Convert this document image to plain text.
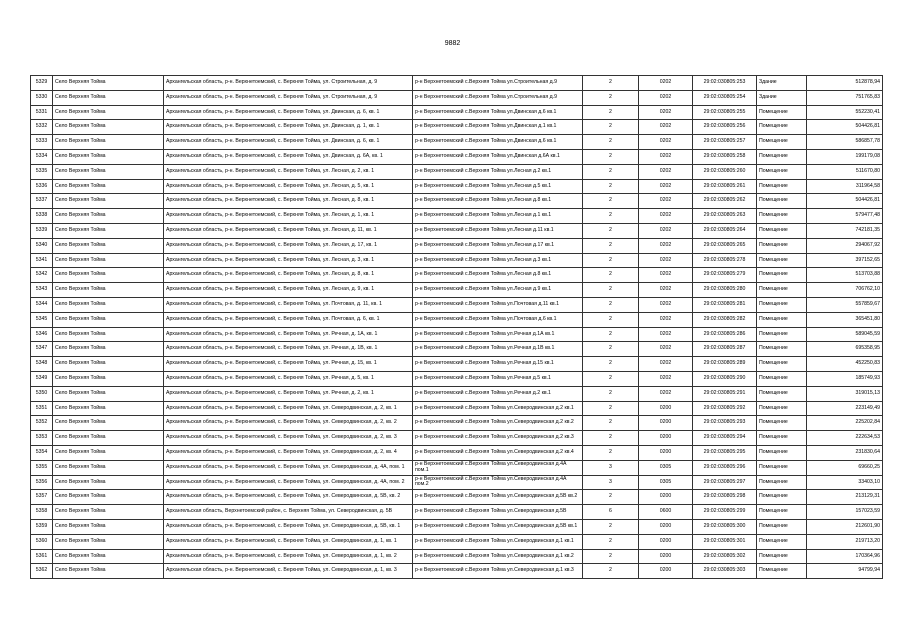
9882
5329	Село Верхняя Тойма	Архангельская область, р-н. Верхнетоемский, с. Верхняя Тойма, ул. Строительная, д. 9	р-н Верхнетоемский с.Верхняя Тойма ул.Строительная д.9	2	0202	29:02:030805:253	Здание	512878,94
5330	Село Верхняя Тойма	Архангельская область, р-н. Верхнетоемский, с. Верхняя Тойма, ул. Строительная, д. 9	р-н Верхнетоемский с.Верхняя Тойма ул.Строительная д.9	2	0202	29:02:030805:254	Здание	751765,83
5331	Село Верхняя Тойма	Архангельская область, р-н. Верхнетоемский, с. Верхняя Тойма, ул. Двинская, д. 6, кв. 1	р-н Верхнетоемский с.Верхняя Тойма ул.Двинская д.6 кв.1	2	0202	29:02:030805:255	Помещение	552230,41
5332	Село Верхняя Тойма	Архангельская область, р-н. Верхнетоемский, с. Верхняя Тойма, ул. Двинская, д. 1, кв. 1	р-н Верхнетоемский с.Верхняя Тойма ул.Двинская д.1 кв.1	2	0202	29:02:030805:256	Помещение	504426,81
5333	Село Верхняя Тойма	Архангельская область, р-н. Верхнетоемский, с. Верхняя Тойма, ул. Двинская, д. 6, кв. 1	р-н Верхнетоемский с.Верхняя Тойма ул.Двинская д.6 кв.1	2	0202	29:02:030805:257	Помещение	586857,78
5334	Село Верхняя Тойма	Архангельская область, р-н. Верхнетоемский, с. Верхняя Тойма, ул. Двинская, д. 6А, кв. 1	р-н Верхнетоемский с.Верхняя Тойма ул.Двинская д.6А кв.1	2	0202	29:02:030805:258	Помещение	199179,08
5335	Село Верхняя Тойма	Архангельская область, р-н. Верхнетоемский, с. Верхняя Тойма, ул. Лесная, д. 2, кв. 1	р-н Верхнетоемский с.Верхняя Тойма ул.Лесная д.2 кв.1	2	0202	29:02:030805:260	Помещение	511670,80
5336	Село Верхняя Тойма	Архангельская область, р-н. Верхнетоемский, с. Верхняя Тойма, ул. Лесная, д. 5, кв. 1	р-н Верхнетоемский с.Верхняя Тойма ул.Лесная д.5 кв.1	2	0202	29:02:030805:261	Помещение	311964,58
5337	Село Верхняя Тойма	Архангельская область, р-н. Верхнетоемский, с. Верхняя Тойма, ул. Лесная, д. 8, кв. 1	р-н Верхнетоемский с.Верхняя Тойма ул.Лесная д.8 кв.1	2	0202	29:02:030805:262	Помещение	504426,81
5338	Село Верхняя Тойма	Архангельская область, р-н. Верхнетоемский, с. Верхняя Тойма, ул. Лесная, д. 1, кв. 1	р-н Верхнетоемский с.Верхняя Тойма ул.Лесная д.1 кв.1	2	0202	29:02:030805:263	Помещение	579477,48
5339	Село Верхняя Тойма	Архангельская область, р-н. Верхнетоемский, с. Верхняя Тойма, ул. Лесная, д. 11, кв. 1	р-н Верхнетоемский с.Верхняя Тойма ул.Лесная д.11 кв.1	2	0202	29:02:030805:264	Помещение	742181,35
5340	Село Верхняя Тойма	Архангельская область, р-н. Верхнетоемский, с. Верхняя Тойма, ул. Лесная, д. 17, кв. 1	р-н Верхнетоемский с.Верхняя Тойма ул.Лесная д.17 кв.1	2	0202	29:02:030805:265	Помещение	294067,92
5341	Село Верхняя Тойма	Архангельская область, р-н. Верхнетоемский, с. Верхняя Тойма, ул. Лесная, д. 3, кв. 1	р-н Верхнетоемский с.Верхняя Тойма ул.Лесная д.3 кв.1	2	0202	29:02:030805:278	Помещение	397152,65
5342	Село Верхняя Тойма	Архангельская область, р-н. Верхнетоемский, с. Верхняя Тойма, ул. Лесная, д. 8, кв. 1	р-н Верхнетоемский с.Верхняя Тойма ул.Лесная д.8 кв.1	2	0202	29:02:030805:279	Помещение	513703,88
5343	Село Верхняя Тойма	Архангельская область, р-н. Верхнетоемский, с. Верхняя Тойма, ул. Лесная, д. 9, кв. 1	р-н Верхнетоемский с.Верхняя Тойма ул.Лесная д.9 кв.1	2	0202	29:02:030805:280	Помещение	706762,10
5344	Село Верхняя Тойма	Архангельская область, р-н. Верхнетоемский, с. Верхняя Тойма, ул. Почтовая, д. 11, кв. 1	р-н Верхнетоемский с.Верхняя Тойма ул.Почтовая д.11 кв.1	2	0202	29:02:030805:281	Помещение	557859,67
5345	Село Верхняя Тойма	Архангельская область, р-н. Верхнетоемский, с. Верхняя Тойма, ул. Почтовая, д. 6, кв. 1	р-н Верхнетоемский с.Верхняя Тойма ул.Почтовая д.6 кв.1	2	0202	29:02:030805:282	Помещение	365451,80
5346	Село Верхняя Тойма	Архангельская область, р-н. Верхнетоемский, с. Верхняя Тойма, ул. Речная, д. 1А, кв. 1	р-н Верхнетоемский с.Верхняя Тойма ул.Речная д.1А кв.1	2	0202	29:02:030805:286	Помещение	589045,59
5347	Село Верхняя Тойма	Архангельская область, р-н. Верхнетоемский, с. Верхняя Тойма, ул. Речная, д. 1В, кв. 1	р-н Верхнетоемский с.Верхняя Тойма ул.Речная д.1В кв.1	2	0202	29:02:030805:287	Помещение	695358,95
5348	Село Верхняя Тойма	Архангельская область, р-н. Верхнетоемский, с. Верхняя Тойма, ул. Речная, д. 15, кв. 1	р-н Верхнетоемский с.Верхняя Тойма ул.Речная д.15 кв.1	2	0202	29:02:030805:289	Помещение	452250,83
5349	Село Верхняя Тойма	Архангельская область, р-н. Верхнетоемский, с. Верхняя Тойма, ул. Речная, д. 5, кв. 1	р-н Верхнетоемский с.Верхняя Тойма ул.Речная д.5 кв.1	2	0202	29:02:030805:290	Помещение	185749,93
5350	Село Верхняя Тойма	Архангельская область, р-н. Верхнетоемский, с. Верхняя Тойма, ул. Речная, д. 2, кв. 1	р-н Верхнетоемский с.Верхняя Тойма ул.Речная д.2 кв.1	2	0202	29:02:030805:291	Помещение	319015,13
5351	Село Верхняя Тойма	Архангельская область, р-н. Верхнетоемский, с. Верхняя Тойма, ул. Северодвинская, д. 2, кв. 1	р-н Верхнетоемский с.Верхняя Тойма ул.Северодвинская д.2 кв.1	2	0200	29:02:030805:292	Помещение	223149,49
5352	Село Верхняя Тойма	Архангельская область, р-н. Верхнетоемский, с. Верхняя Тойма, ул. Северодвинская, д. 2, кв. 2	р-н Верхнетоемский с.Верхняя Тойма ул.Северодвинская д.2 кв.2	2	0200	29:02:030805:293	Помещение	225202,84
5353	Село Верхняя Тойма	Архангельская область, р-н. Верхнетоемский, с. Верхняя Тойма, ул. Северодвинская, д. 2, кв. 3	р-н Верхнетоемский с.Верхняя Тойма ул.Северодвинская д.2 кв.3	2	0200	29:02:030805:294	Помещение	222634,53
5354	Село Верхняя Тойма	Архангельская область, р-н. Верхнетоемский, с. Верхняя Тойма, ул. Северодвинская, д. 2, кв. 4	р-н Верхнетоемский с.Верхняя Тойма ул.Северодвинская д.2 кв.4	2	0200	29:02:030805:295	Помещение	231830,64
5355	Село Верхняя Тойма	Архангельская область, р-н. Верхнетоемский, с. Верхняя Тойма, ул. Северодвинская, д. 4А, пом. 1	р-н Верхнетоемский с.Верхняя Тойма ул.Северодвинская д.4А пом.1	3	0305	29:02:030805:296	Помещение	69660,25
5356	Село Верхняя Тойма	Архангельская область, р-н. Верхнетоемский, с. Верхняя Тойма, ул. Северодвинская, д. 4А, пом. 2	р-н Верхнетоемский с.Верхняя Тойма ул.Северодвинская д.4А пом.2	3	0305	29:02:030805:297	Помещение	33403,10
5357	Село Верхняя Тойма	Архангельская область, р-н. Верхнетоемский, с. Верхняя Тойма, ул. Северодвинская, д. 5В, кв. 2	р-н Верхнетоемский с.Верхняя Тойма ул.Северодвинская д.5В кв.2	2	0200	29:02:030805:298	Помещение	213129,31
5358	Село Верхняя Тойма	Архангельская область, Верхнетоемский район, с. Верхняя Тойма, ул. Северодвинская, д. 5В	р-н Верхнетоемский с.Верхняя Тойма ул.Северодвинская д.5В	6	0600	29:02:030805:299	Помещение	157023,59
5359	Село Верхняя Тойма	Архангельская область, р-н. Верхнетоемский, с. Верхняя Тойма, ул. Северодвинская, д. 5В, кв. 1	р-н Верхнетоемский с.Верхняя Тойма ул.Северодвинская д.5В кв.1	2	0200	29:02:030805:300	Помещение	212601,90
5360	Село Верхняя Тойма	Архангельская область, р-н. Верхнетоемский, с. Верхняя Тойма, ул. Северодвинская, д. 1, кв. 1	р-н Верхнетоемский с.Верхняя Тойма ул.Северодвинская д.1 кв.1	2	0200	29:02:030805:301	Помещение	219713,20
5361	Село Верхняя Тойма	Архангельская область, р-н. Верхнетоемский, с. Верхняя Тойма, ул. Северодвинская, д. 1, кв. 2	р-н Верхнетоемский с.Верхняя Тойма ул.Северодвинская д.1 кв.2	2	0200	29:02:030805:302	Помещение	170364,96
5362	Село Верхняя Тойма	Архангельская область, р-н. Верхнетоемский, с. Верхняя Тойма, ул. Северодвинская, д. 1, кв. 3	р-н Верхнетоемский с.Верхняя Тойма ул.Северодвинская д.1 кв.3	2	0200	29:02:030805:303	Помещение	94799,94
